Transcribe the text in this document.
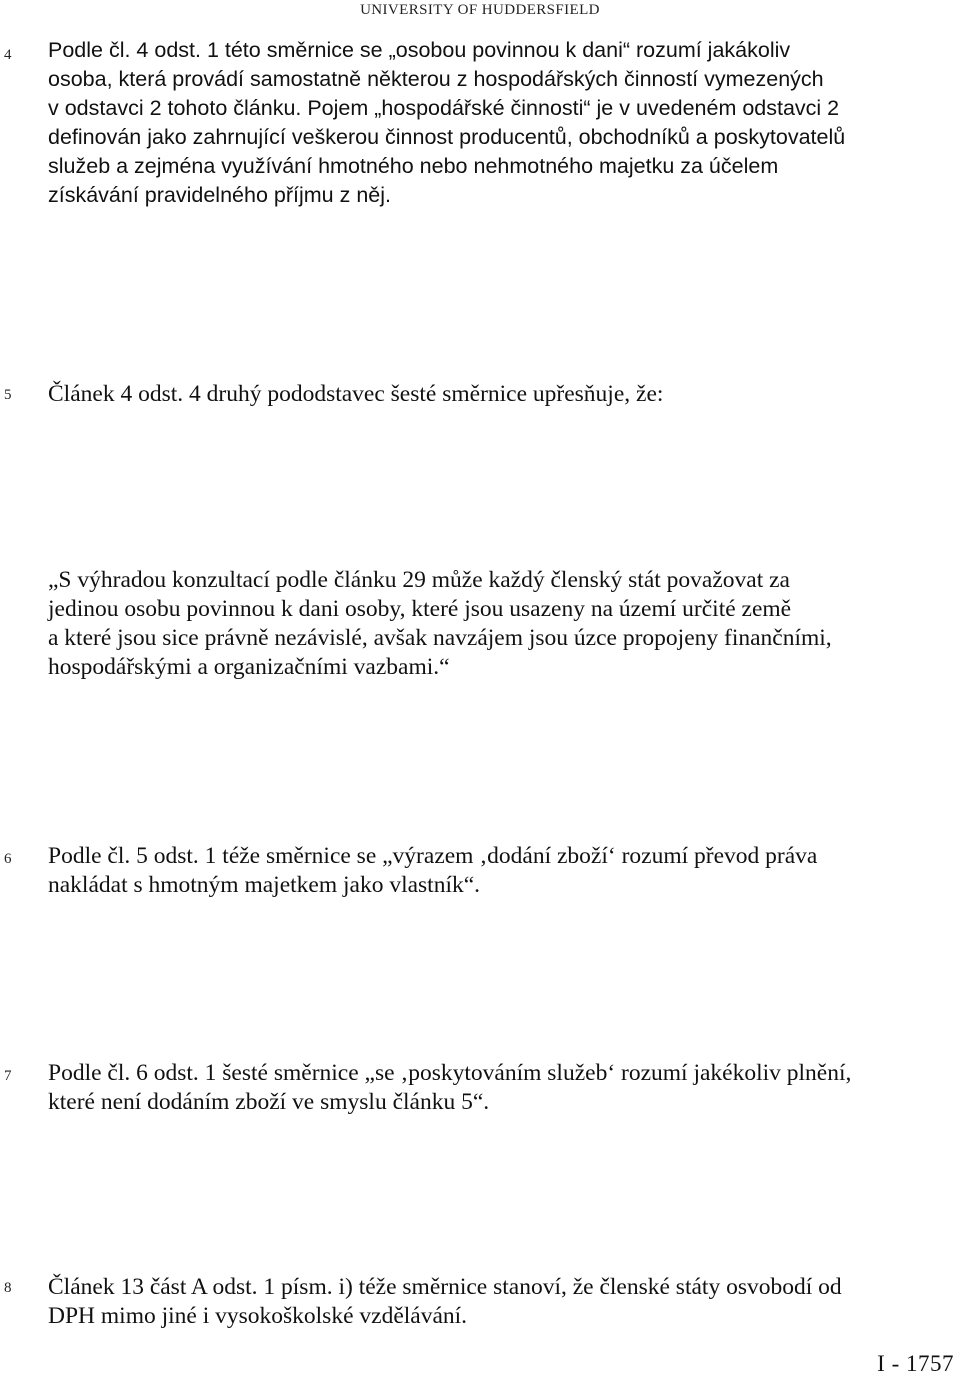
UNIVERSITY OF HUDDERSFIELD
4 Podle čl. 4 odst. 1 této směrnice se „osobou povinnou k dani“ rozumí jakákoliv
osoba, která provádí samostatně některou z hospodářských činností vymezených
v odstavci 2 tohoto článku. Pojem „hospodářské činnosti“ je v uvedeném odstavci 2
definován jako zahrnující veškerou činnost producentů, obchodníků a poskytovatelů
služeb a zejména využívání hmotného nebo nehmotného majetku za účelem
získávání pravidelného příjmu z něj.
5 Článek 4 odst. 4 druhý pododstavec šesté směrnice upřesňuje, že:
„S výhradou konzultací podle článku 29 může každý členský stát považovat za
jedinou osobu povinnou k dani osoby, které jsou usazeny na území určité země
a které jsou sice právně nezávislé, avšak navzájem jsou úzce propojeny finančními,
hospodářskými a organizačními vazbami.“
6 Podle čl. 5 odst. 1 téže směrnice se „výrazem ‚dodání zboží‘ rozumí převod práva
nakládat s hmotným majetkem jako vlastník“.
7 Podle čl. 6 odst. 1 šesté směrnice „se ‚poskytováním služeb‘ rozumí jakékoliv plnění,
které není dodáním zboží ve smyslu článku 5“.
8 Článek 13 část A odst. 1 písm. i) téže směrnice stanoví, že členské státy osvobodí od
DPH mimo jiné i vysokoškolské vzdělávání.
I - 1757
